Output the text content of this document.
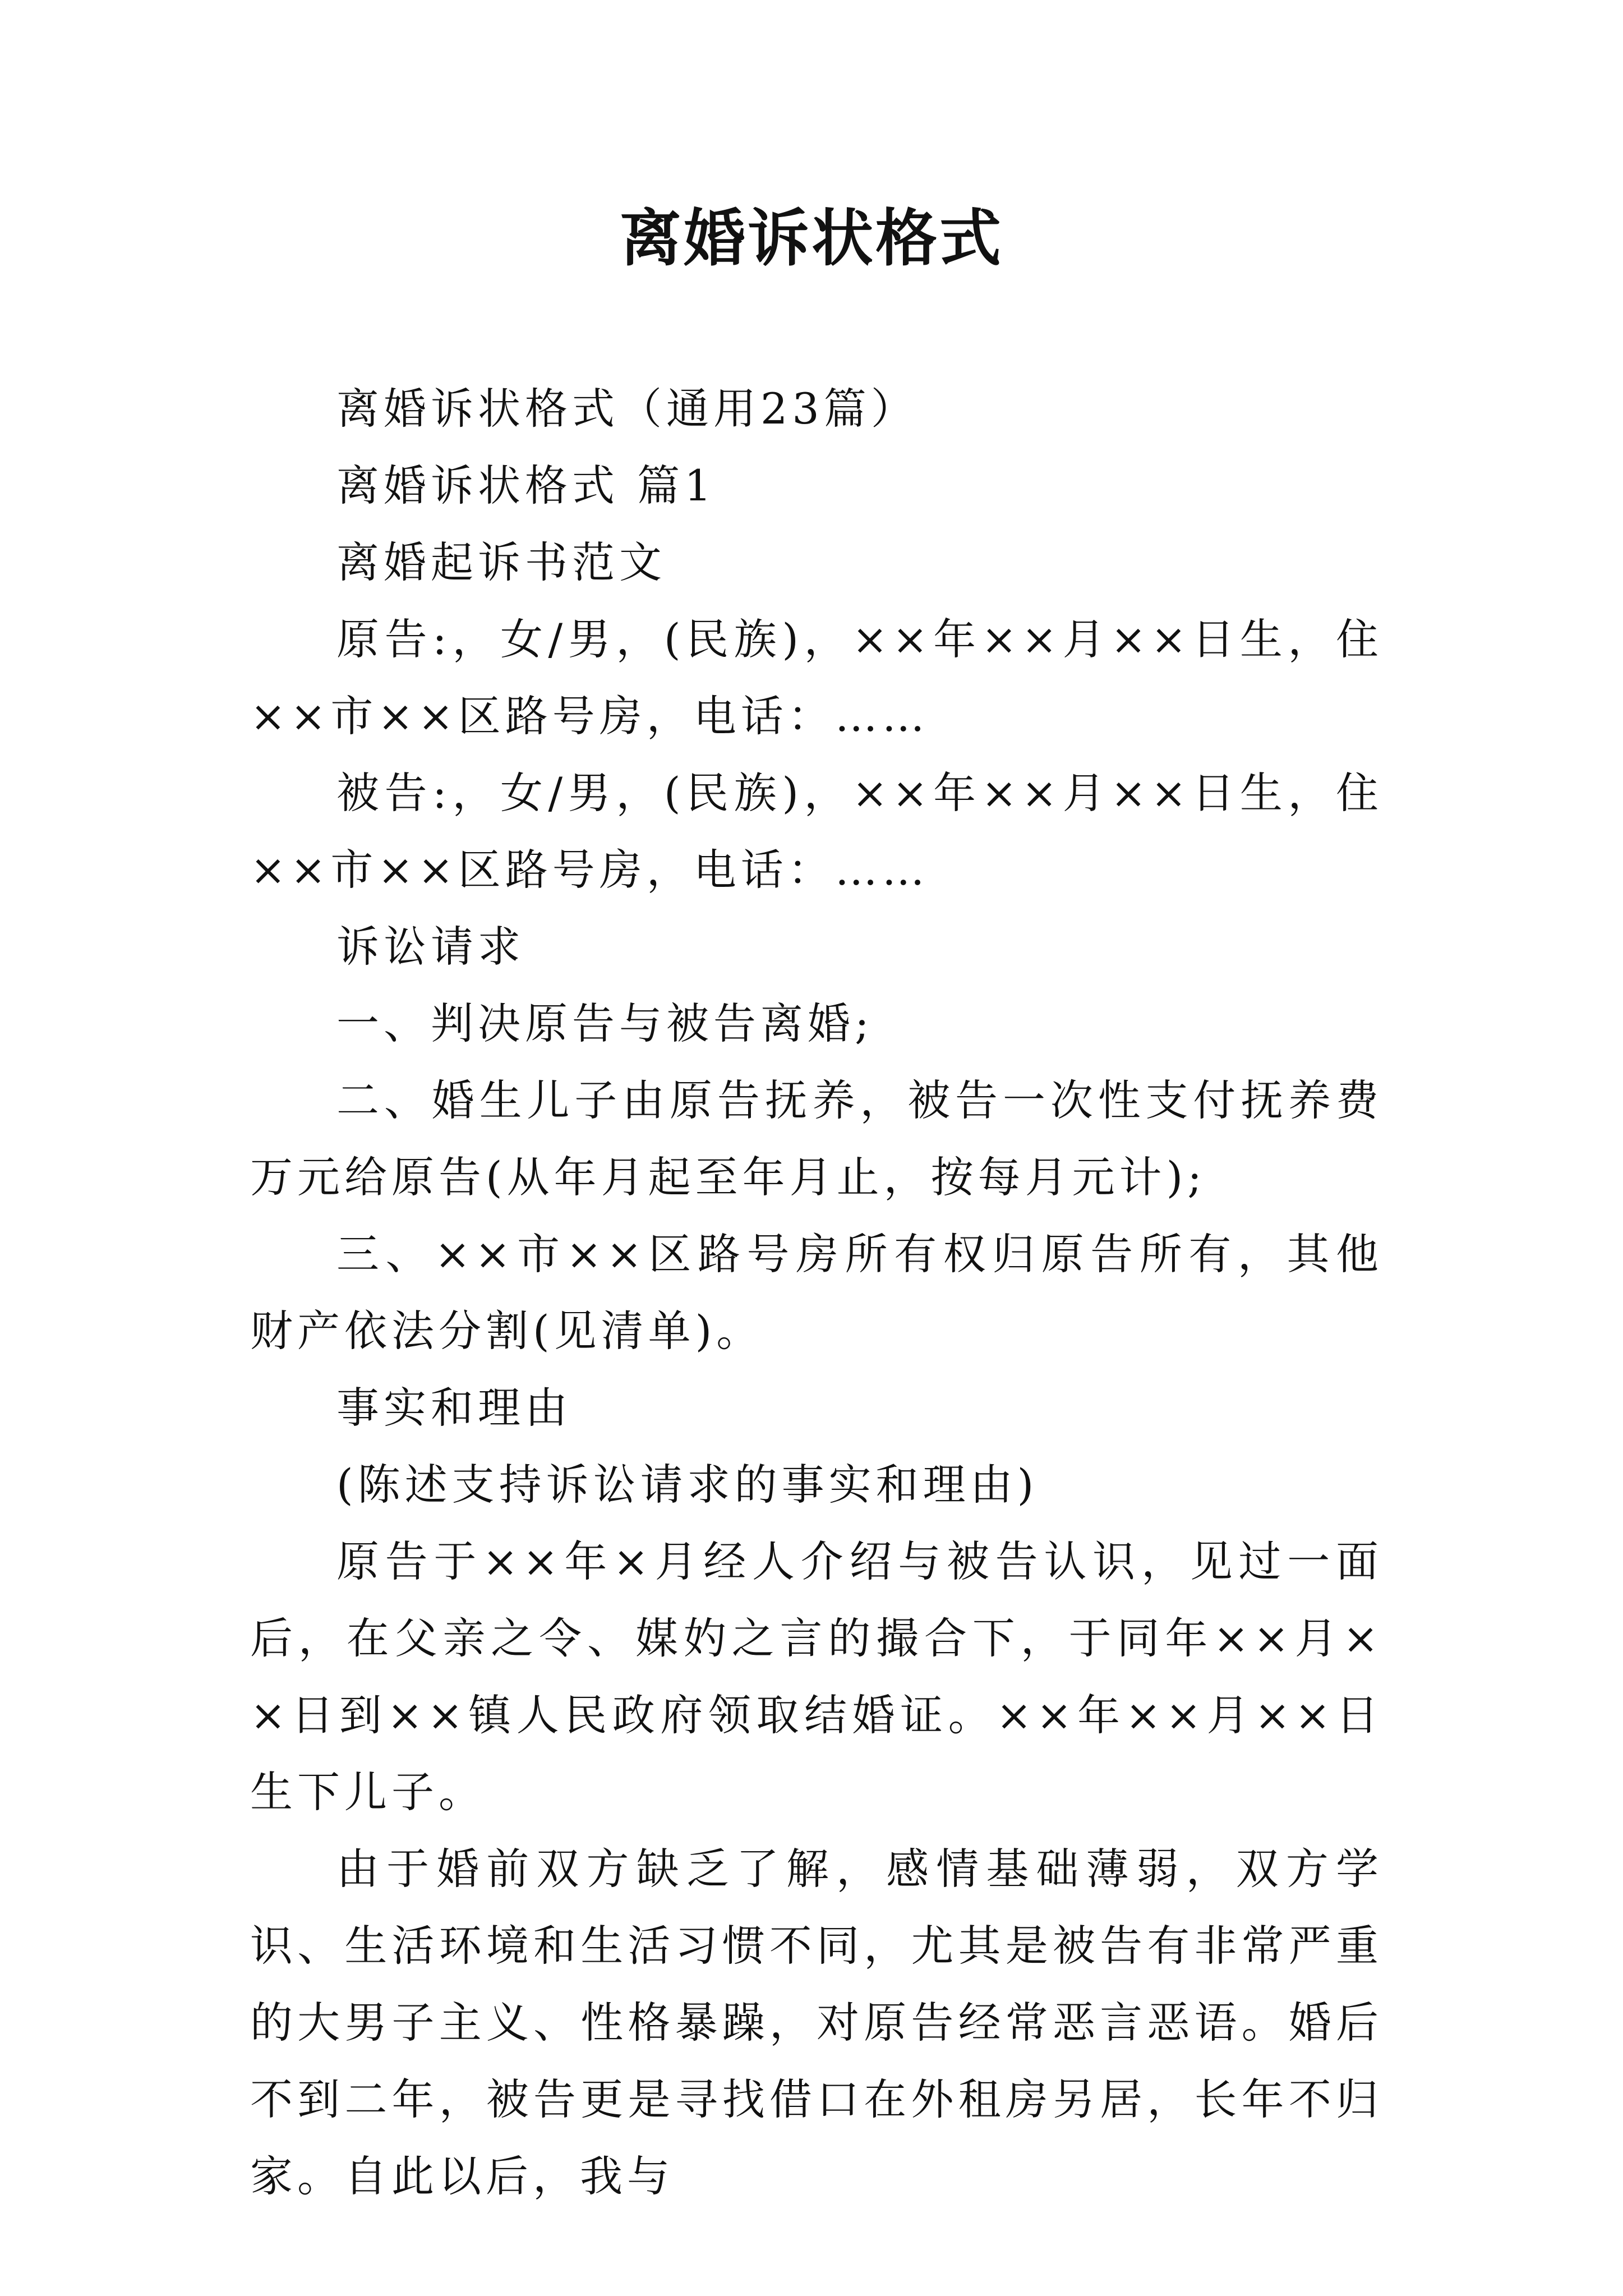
离婚诉状格式

离婚诉状格式（通用23篇）

离婚诉状格式 篇1

离婚起诉书范文

原告:，女/男，(民族)，××年××月××日生，住××市××区路号房，电话：……

被告:，女/男，(民族)，××年××月××日生，住××市××区路号房，电话：……

诉讼请求

一、判决原告与被告离婚;

二、婚生儿子由原告抚养，被告一次性支付抚养费万元给原告(从年月起至年月止，按每月元计);

三、××市××区路号房所有权归原告所有，其他财产依法分割(见清单)。

事实和理由

(陈述支持诉讼请求的事实和理由)

原告于××年×月经人介绍与被告认识，见过一面后，在父亲之令、媒妁之言的撮合下，于同年××月××日到××镇人民政府领取结婚证。××年××月××日生下儿子。

由于婚前双方缺乏了解，感情基础薄弱，双方学识、生活环境和生活习惯不同，尤其是被告有非常严重的大男子主义、性格暴躁，对原告经常恶言恶语。婚后不到二年，被告更是寻找借口在外租房另居，长年不归家。自此以后，我与
